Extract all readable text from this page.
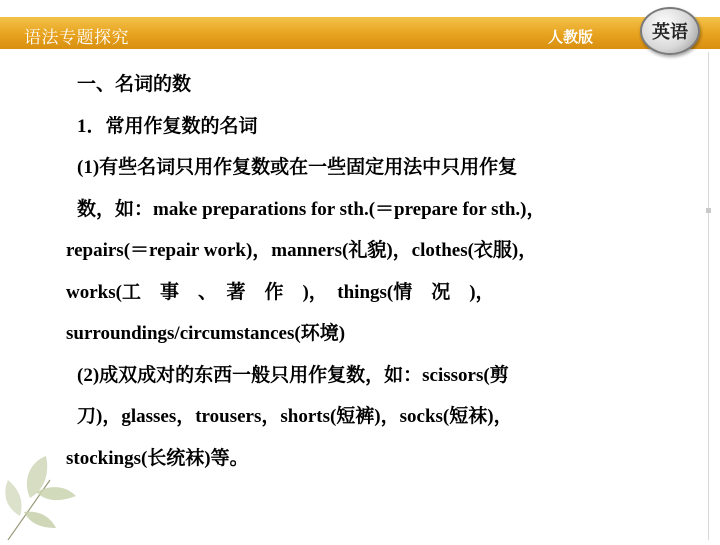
语法专题探究	人教版	英语
一、名词的数
1．常用作复数的名词
(1)有些名词只用作复数或在一些固定用法中只用作复
数，如：make preparations for sth.(＝prepare for sth.)，
repairs(＝repair work)，manners(礼貌)，clothes(衣服)，
works(工　事　、　著　作　)，　things(情　况　)，
surroundings/circumstances(环境)
(2)成双成对的东西一般只用作复数，如：scissors(剪
刀)，glasses，trousers，shorts(短裤)，socks(短袜)，
stockings(长统袜)等。
